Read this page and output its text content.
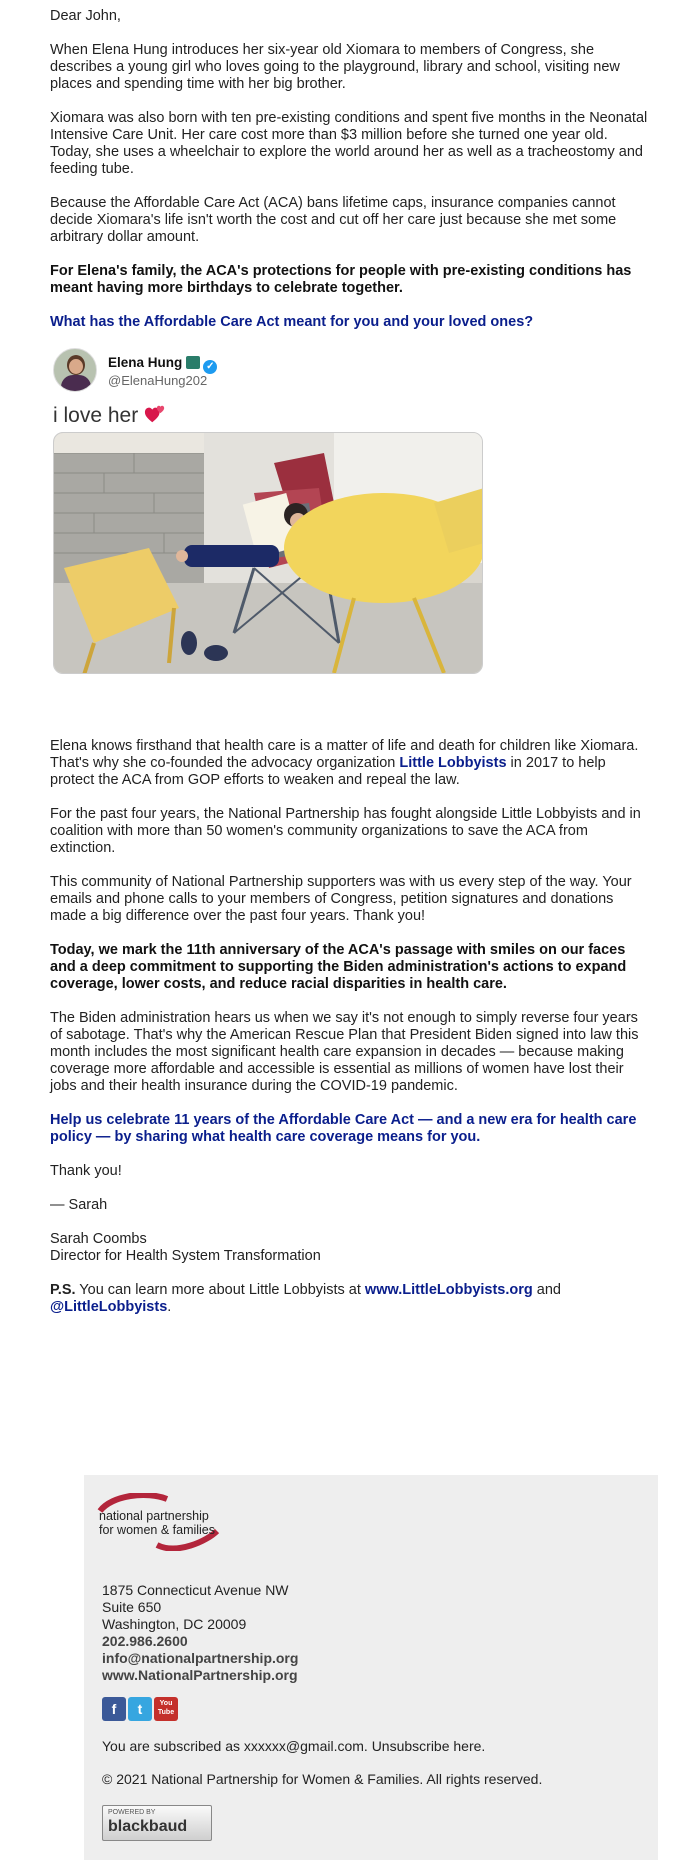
Dear John,

When Elena Hung introduces her six-year old Xiomara to members of Congress, she describes a young girl who loves going to the playground, library and school, visiting new places and spending time with her big brother.

Xiomara was also born with ten pre-existing conditions and spent five months in the Neonatal Intensive Care Unit. Her care cost more than $3 million before she turned one year old. Today, she uses a wheelchair to explore the world around her as well as a tracheostomy and feeding tube.

Because the Affordable Care Act (ACA) bans lifetime caps, insurance companies cannot decide Xiomara's life isn't worth the cost and cut off her care just because she met some arbitrary dollar amount.

For Elena's family, the ACA's protections for people with pre-existing conditions has meant having more birthdays to celebrate together.

What has the Affordable Care Act meant for you and your loved ones?

Elena Hung ✓
@ElenaHung202
i love her

Elena knows firsthand that health care is a matter of life and death for children like Xiomara. That's why she co-founded the advocacy organization Little Lobbyists in 2017 to help protect the ACA from GOP efforts to weaken and repeal the law.

For the past four years, the National Partnership has fought alongside Little Lobbyists and in coalition with more than 50 women's community organizations to save the ACA from extinction.

This community of National Partnership supporters was with us every step of the way. Your emails and phone calls to your members of Congress, petition signatures and donations made a big difference over the past four years. Thank you!

Today, we mark the 11th anniversary of the ACA's passage with smiles on our faces and a deep commitment to supporting the Biden administration's actions to expand coverage, lower costs, and reduce racial disparities in health care.

The Biden administration hears us when we say it's not enough to simply reverse four years of sabotage. That's why the American Rescue Plan that President Biden signed into law this month includes the most significant health care expansion in decades — because making coverage more affordable and accessible is essential as millions of women have lost their jobs and their health insurance during the COVID-19 pandemic.

Help us celebrate 11 years of the Affordable Care Act — and a new era for health care policy — by sharing what health care coverage means for you.

Thank you!

— Sarah

Sarah Coombs
Director for Health System Transformation

P.S. You can learn more about Little Lobbyists at www.LittleLobbyists.org and @LittleLobbyists.

national partnership
for women & families
1875 Connecticut Avenue NW
Suite 650
Washington, DC 20009
202.986.2600
info@nationalpartnership.org
www.NationalPartnership.org
f t	You
Tube
You are subscribed as xxxxxx@gmail.com. Unsubscribe here.
© 2021 National Partnership for Women & Families. All rights reserved.
POWERED BY
blackbaud
